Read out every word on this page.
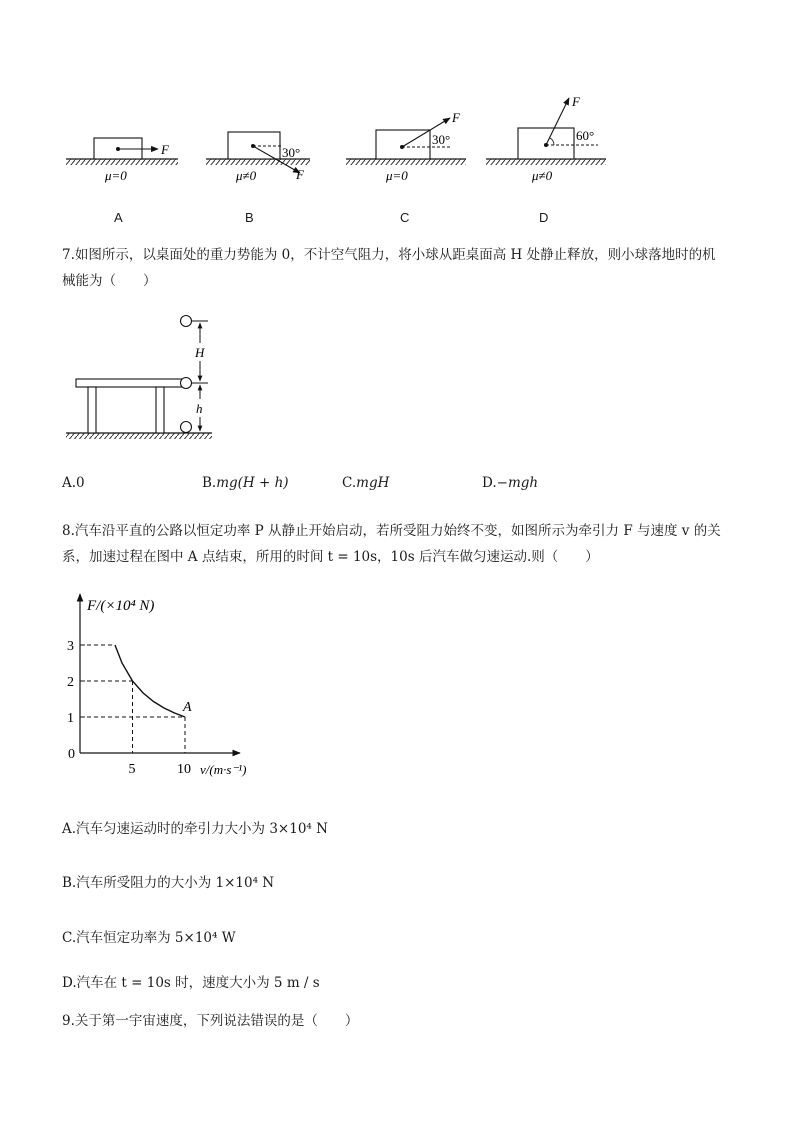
F
μ=0
30°
F
μ≠0
30°
F
μ=0
60°
F
μ≠0
A	B	C	D
7.如图所示，以桌面处的重力势能为 0，不计空气阻力，将小球从距桌面高 H 处静止释放，则小球落地时的机
械能为（　　）
H
h
A.0	B.mg(H + h)	C.mgH	D.−mgh
8.汽车沿平直的公路以恒定功率 P 从静止开始启动，若所受阻力始终不变，如图所示为牵引力 F 与速度 v 的关
系，加速过程在图中 A 点结束，所用的时间 t = 10s，10s 后汽车做匀速运动.则（　　）
F/(×10⁴ N)
v/(m·s⁻¹)
0
1
2
3
5	10
A
A.汽车匀速运动时的牵引力大小为 3×10⁴ N
B.汽车所受阻力的大小为 1×10⁴ N
C.汽车恒定功率为 5×10⁴ W
D.汽车在 t = 10s 时，速度大小为 5 m / s
9.关于第一宇宙速度，下列说法错误的是（　　）
